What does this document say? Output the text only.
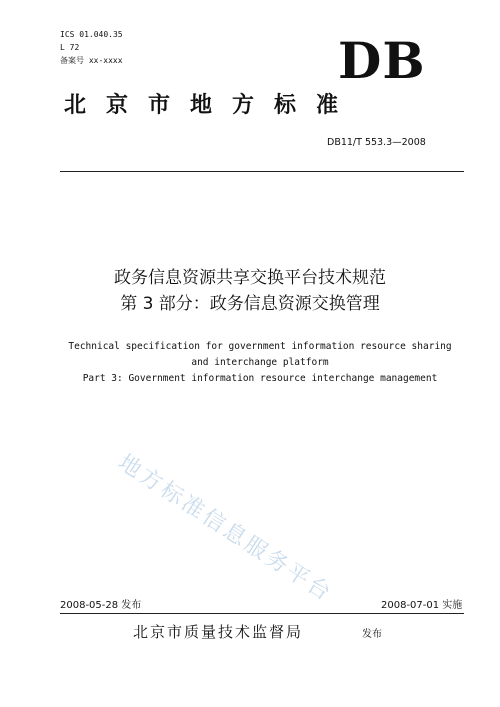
ICS 01.040.35
L 72
备案号 xx-xxxx	DB
北京市地方标准
DB11/T 553.3—2008
政务信息资源共享交换平台技术规范
第 3 部分：政务信息资源交换管理
Technical specification for government information resource sharing
and interchange platform
Part 3: Government information resource interchange management
地方标准信息服务平台
2008-05-28 发布	2008-07-01 实施
北京市质量技术监督局	发布
